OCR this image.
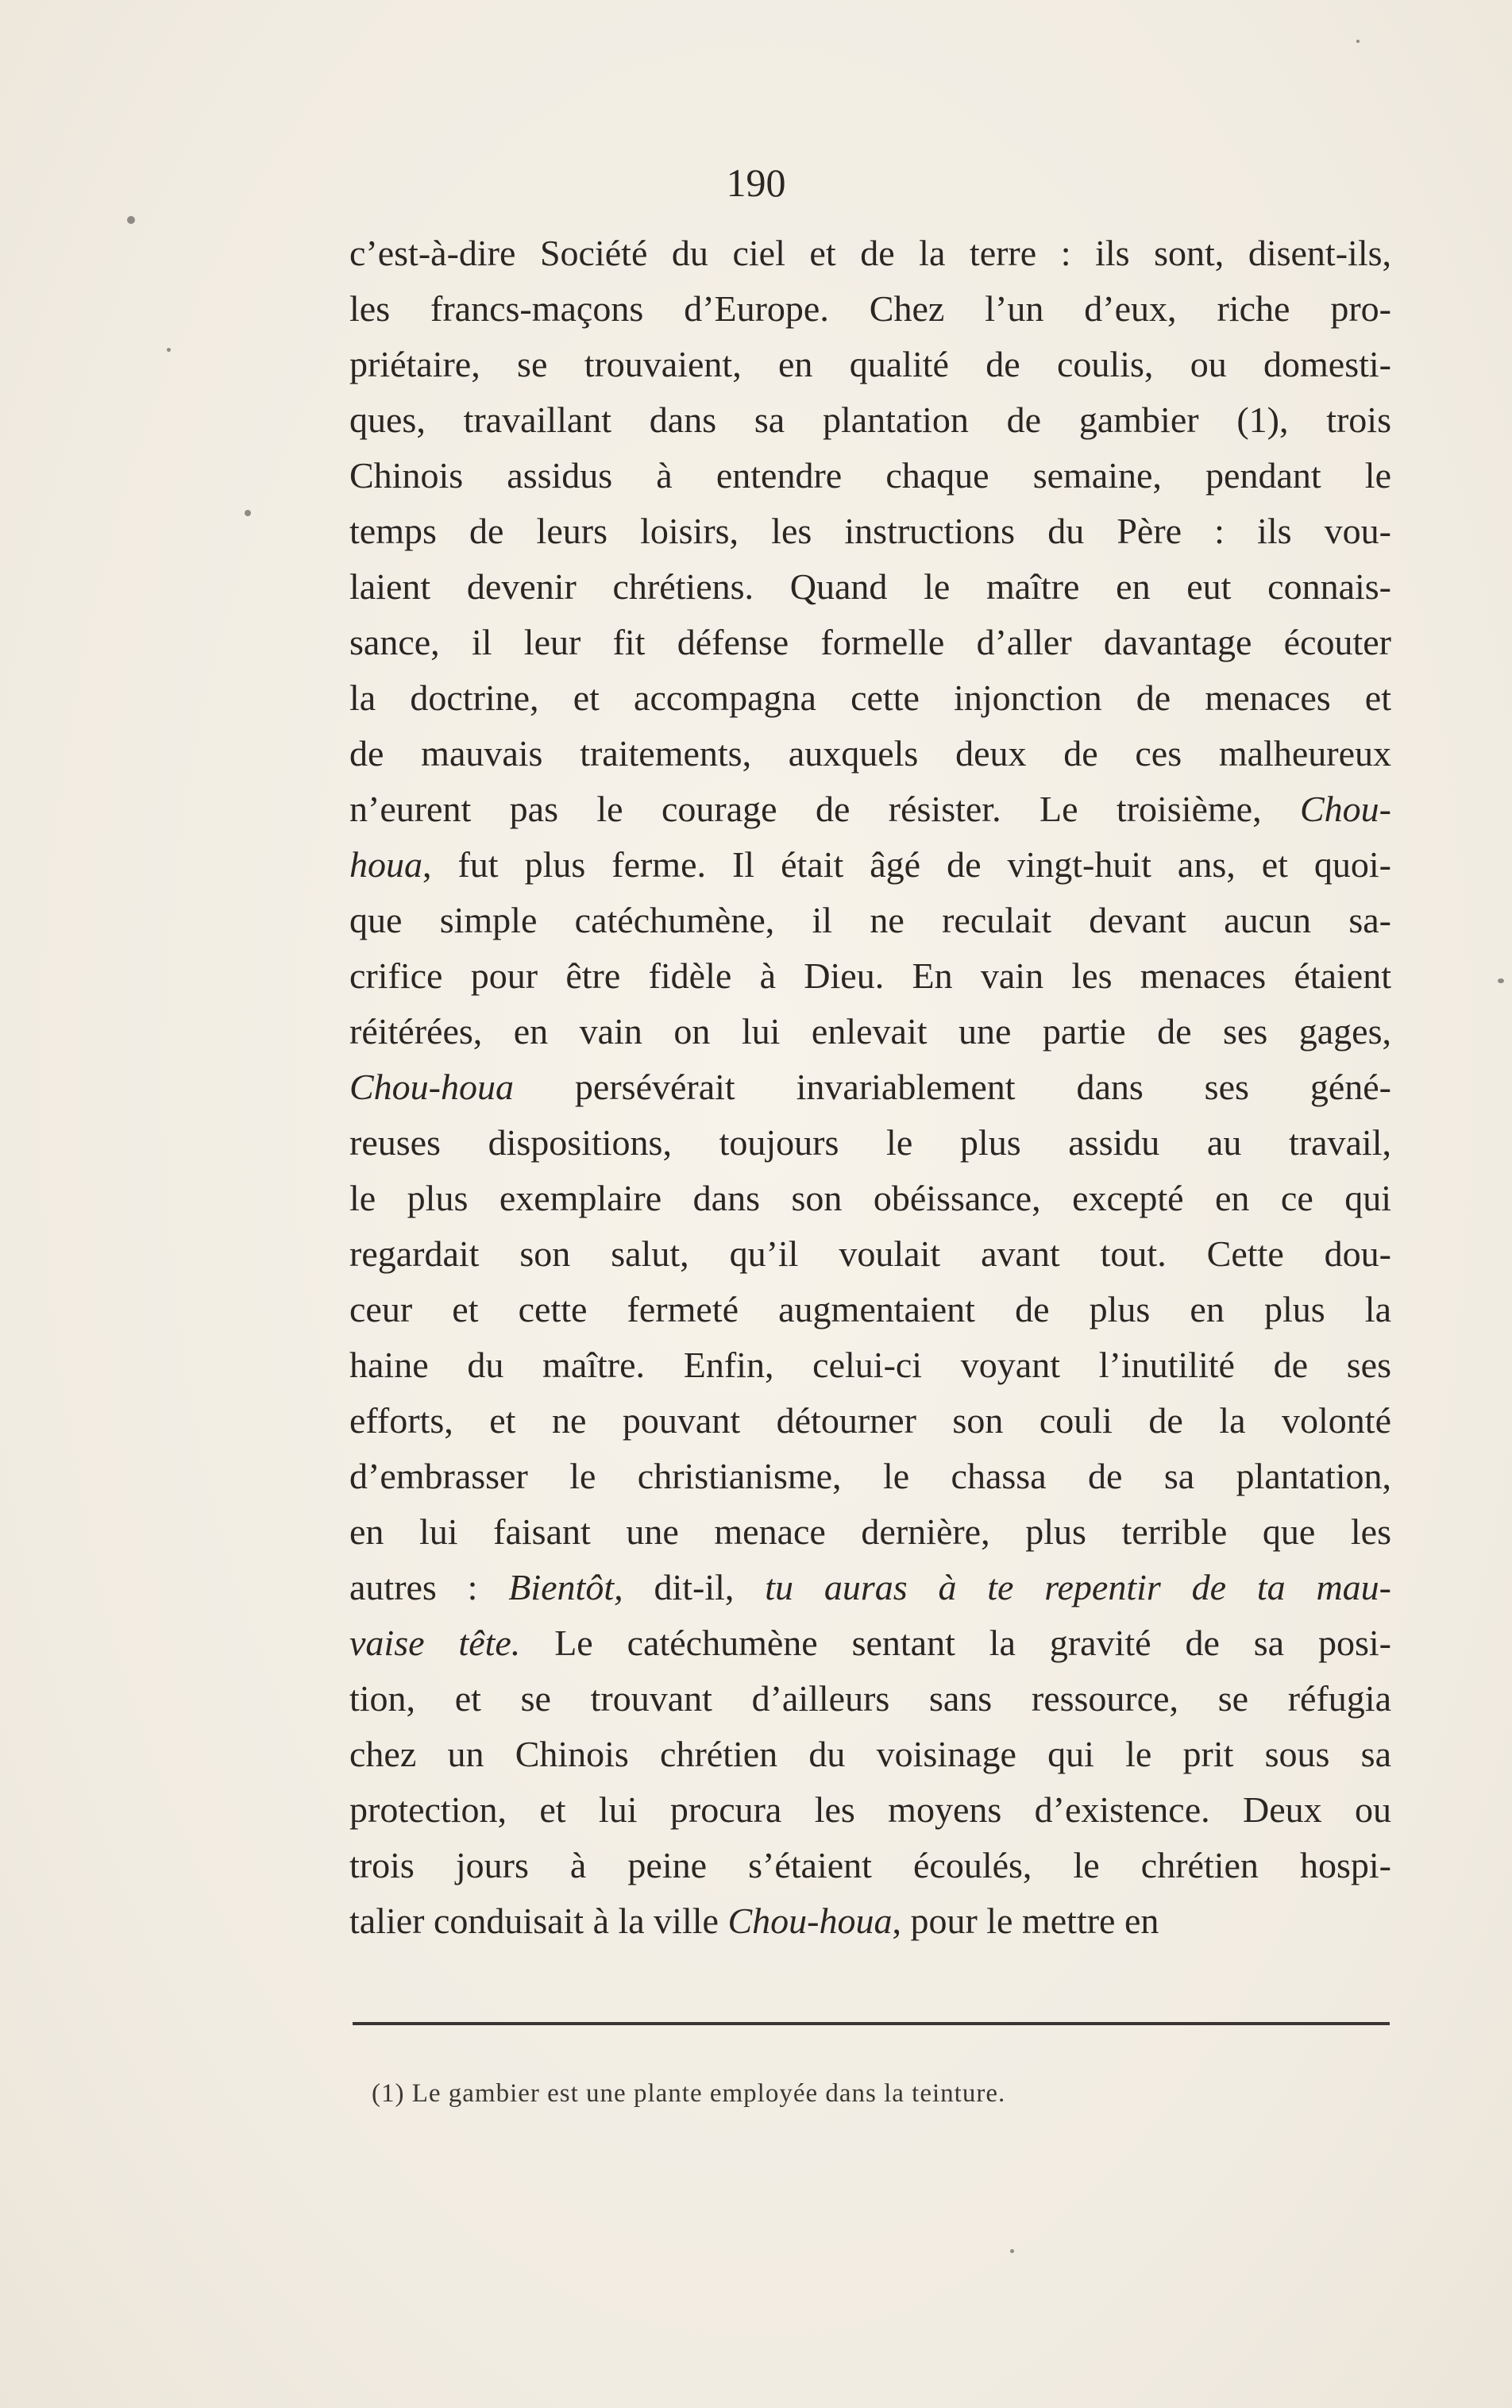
190
c’est-à-dire Société du ciel et de la terre : ils sont, disent-ils,
les francs-maçons d’Europe. Chez l’un d’eux, riche pro-
priétaire, se trouvaient, en qualité de coulis, ou domesti-
ques, travaillant dans sa plantation de gambier (1), trois
Chinois assidus à entendre chaque semaine, pendant le
temps de leurs loisirs, les instructions du Père : ils vou-
laient devenir chrétiens. Quand le maître en eut connais-
sance, il leur fit défense formelle d’aller davantage écouter
la doctrine, et accompagna cette injonction de menaces et
de mauvais traitements, auxquels deux de ces malheureux
n’eurent pas le courage de résister. Le troisième, Chou-
houa, fut plus ferme. Il était âgé de vingt-huit ans, et quoi-
que simple catéchumène, il ne reculait devant aucun sa-
crifice pour être fidèle à Dieu. En vain les menaces étaient
réitérées, en vain on lui enlevait une partie de ses gages,
Chou-houa persévérait invariablement dans ses géné-
reuses dispositions, toujours le plus assidu au travail,
le plus exemplaire dans son obéissance, excepté en ce qui
regardait son salut, qu’il voulait avant tout. Cette dou-
ceur et cette fermeté augmentaient de plus en plus la
haine du maître. Enfin, celui-ci voyant l’inutilité de ses
efforts, et ne pouvant détourner son couli de la volonté
d’embrasser le christianisme, le chassa de sa plantation,
en lui faisant une menace dernière, plus terrible que les
autres : Bientôt, dit-il, tu auras à te repentir de ta mau-
vaise tête. Le catéchumène sentant la gravité de sa posi-
tion, et se trouvant d’ailleurs sans ressource, se réfugia
chez un Chinois chrétien du voisinage qui le prit sous sa
protection, et lui procura les moyens d’existence. Deux ou
trois jours à peine s’étaient écoulés, le chrétien hospi-
talier conduisait à la ville Chou-houa, pour le mettre en
(1) Le gambier est une plante employée dans la teinture.
